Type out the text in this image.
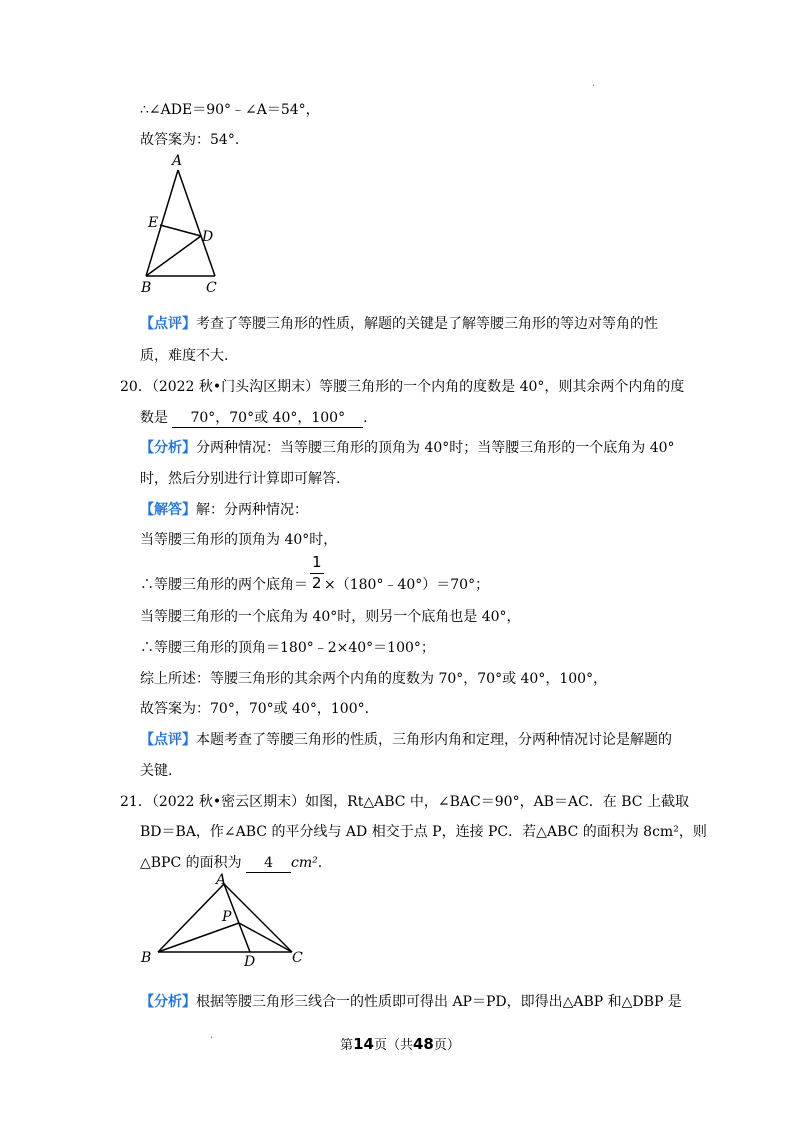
.
∴∠ADE＝90°﹣∠A＝54°，
故答案为：54°.
A
E
D
B	C
【点评】考查了等腰三角形的性质，解题的关键是了解等腰三角形的等边对等角的性
质，难度不大.
20．（2022 秋•门头沟区期末）等腰三角形的一个内角的度数是 40°，则其余两个内角的度
数是 70°，70°或 40°，100° .
【分析】分两种情况：当等腰三角形的顶角为 40°时；当等腰三角形的一个底角为 40°
时，然后分别进行计算即可解答.
【解答】解：分两种情况：
当等腰三角形的顶角为 40°时，
∴等腰三角形的两个底角＝ ×（180°﹣40°）＝70°；
1
2
当等腰三角形的一个底角为 40°时，则另一个底角也是 40°，
∴等腰三角形的顶角＝180°﹣2×40°＝100°；
综上所述：等腰三角形的其余两个内角的度数为 70°，70°或 40°，100°，
故答案为：70°，70°或 40°，100°.
【点评】本题考查了等腰三角形的性质，三角形内角和定理，分两种情况讨论是解题的
关键.
21．（2022 秋•密云区期末）如图，Rt△ABC 中，∠BAC＝90°，AB＝AC．在 BC 上截取
BD＝BA，作∠ABC 的平分线与 AD 相交于点 P，连接 PC．若△ABC 的面积为 8cm²，则
△BPC 的面积为 4 cm².
A
P
B	D	C
【分析】根据等腰三角形三线合一的性质即可得出 AP＝PD，即得出△ABP 和△DBP 是
.
第14页（共48页）
